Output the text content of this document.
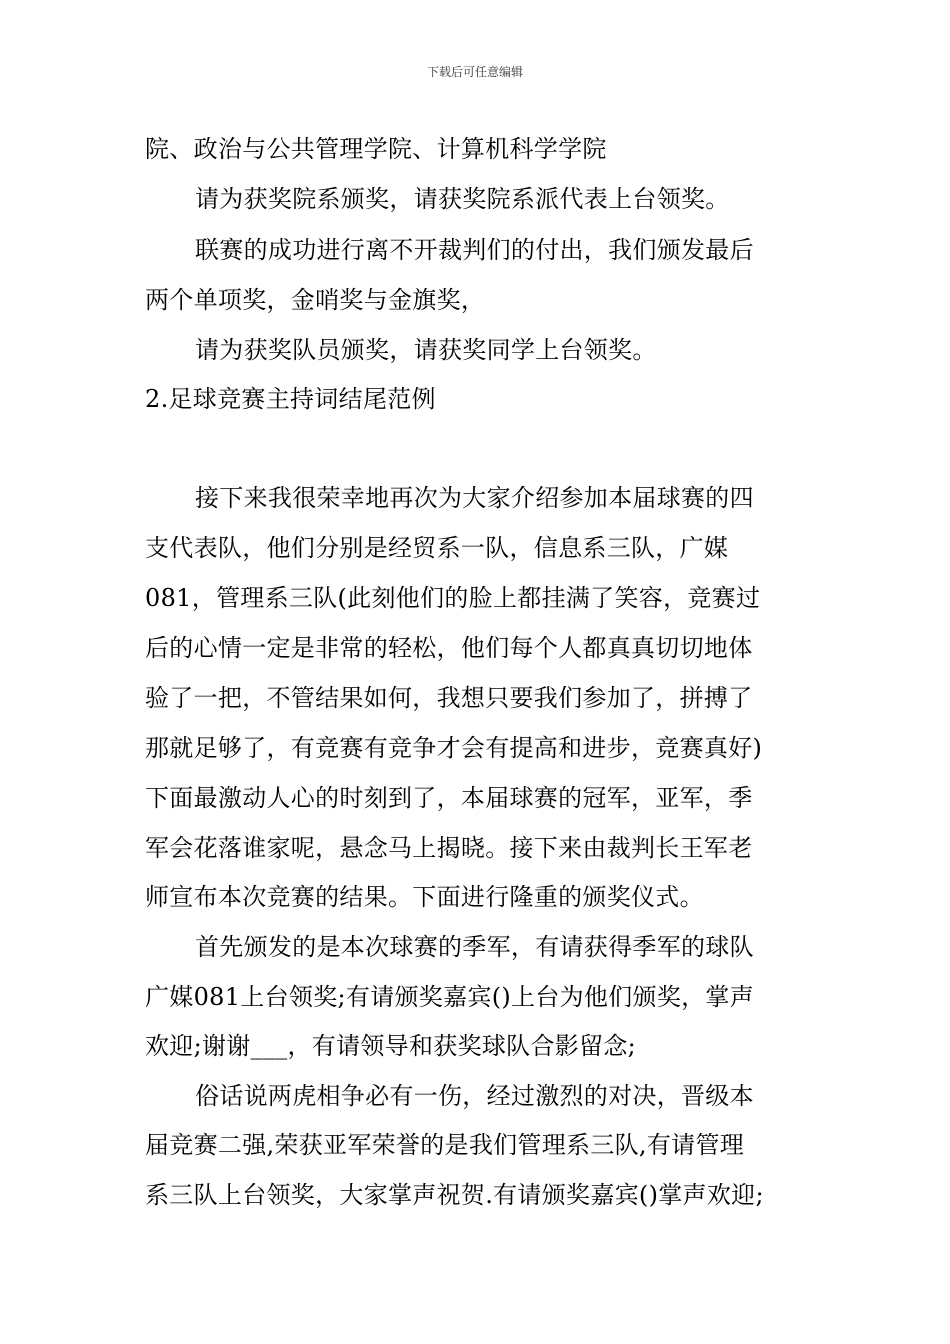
下载后可任意编辑
院、政治与公共管理学院、计算机科学学院
请为获奖院系颁奖，请获奖院系派代表上台领奖。
联赛的成功进行离不开裁判们的付出，我们颁发最后
两个单项奖，金哨奖与金旗奖，
请为获奖队员颁奖，请获奖同学上台领奖。
2.足球竞赛主持词结尾范例
接下来我很荣幸地再次为大家介绍参加本届球赛的四
支代表队，他们分别是经贸系一队，信息系三队，广媒
081，管理系三队(此刻他们的脸上都挂满了笑容，竞赛过
后的心情一定是非常的轻松，他们每个人都真真切切地体
验了一把，不管结果如何，我想只要我们参加了，拼搏了
那就足够了，有竞赛有竞争才会有提高和进步，竞赛真好)
下面最激动人心的时刻到了，本届球赛的冠军，亚军，季
军会花落谁家呢，悬念马上揭晓。接下来由裁判长王军老
师宣布本次竞赛的结果。下面进行隆重的颁奖仪式。
首先颁发的是本次球赛的季军，有请获得季军的球队
广媒081上台领奖;有请颁奖嘉宾()上台为他们颁奖，掌声
欢迎;谢谢___，有请领导和获奖球队合影留念;
俗话说两虎相争必有一伤，经过激烈的对决，晋级本
届竞赛二强,荣获亚军荣誉的是我们管理系三队,有请管理
系三队上台领奖，大家掌声祝贺.有请颁奖嘉宾()掌声欢迎;
